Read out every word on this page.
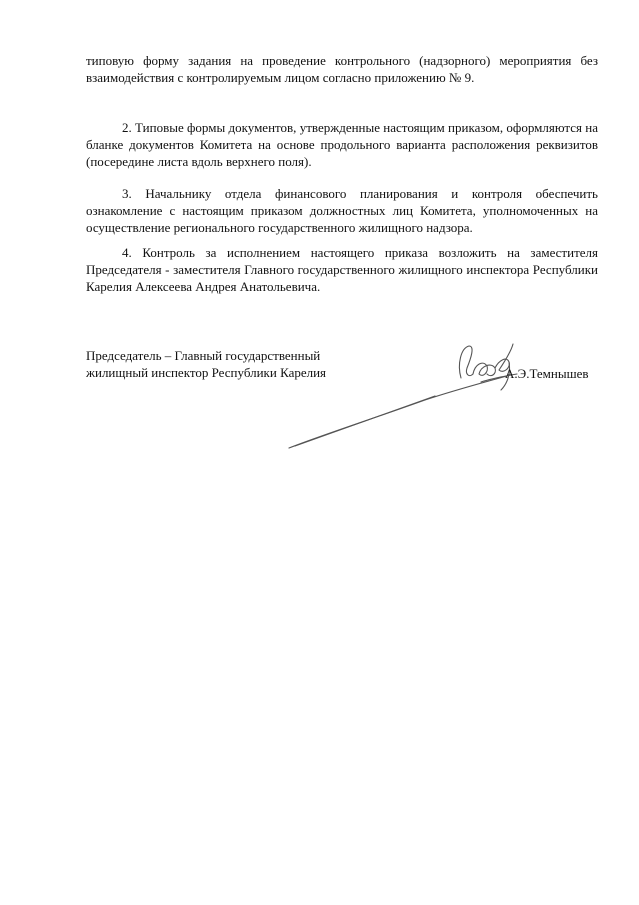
типовую форму задания на проведение контрольного (надзорного) мероприятия без взаимодействия с контролируемым лицом согласно приложению № 9.

2. Типовые формы документов, утвержденные настоящим приказом, оформляются на бланке документов Комитета на основе продольного варианта расположения реквизитов (посередине листа вдоль верхнего поля).

3. Начальнику отдела финансового планирования и контроля обеспечить ознакомление с настоящим приказом должностных лиц Комитета, уполномоченных на осуществление регионального государственного жилищного надзора.

4. Контроль за исполнением настоящего приказа возложить на заместителя Председателя - заместителя Главного государственного жилищного инспектора Республики Карелия Алексеева Андрея Анатольевича.

Председатель – Главный государственный
жилищный инспектор Республики Карелия	А.Э.Темнышев
